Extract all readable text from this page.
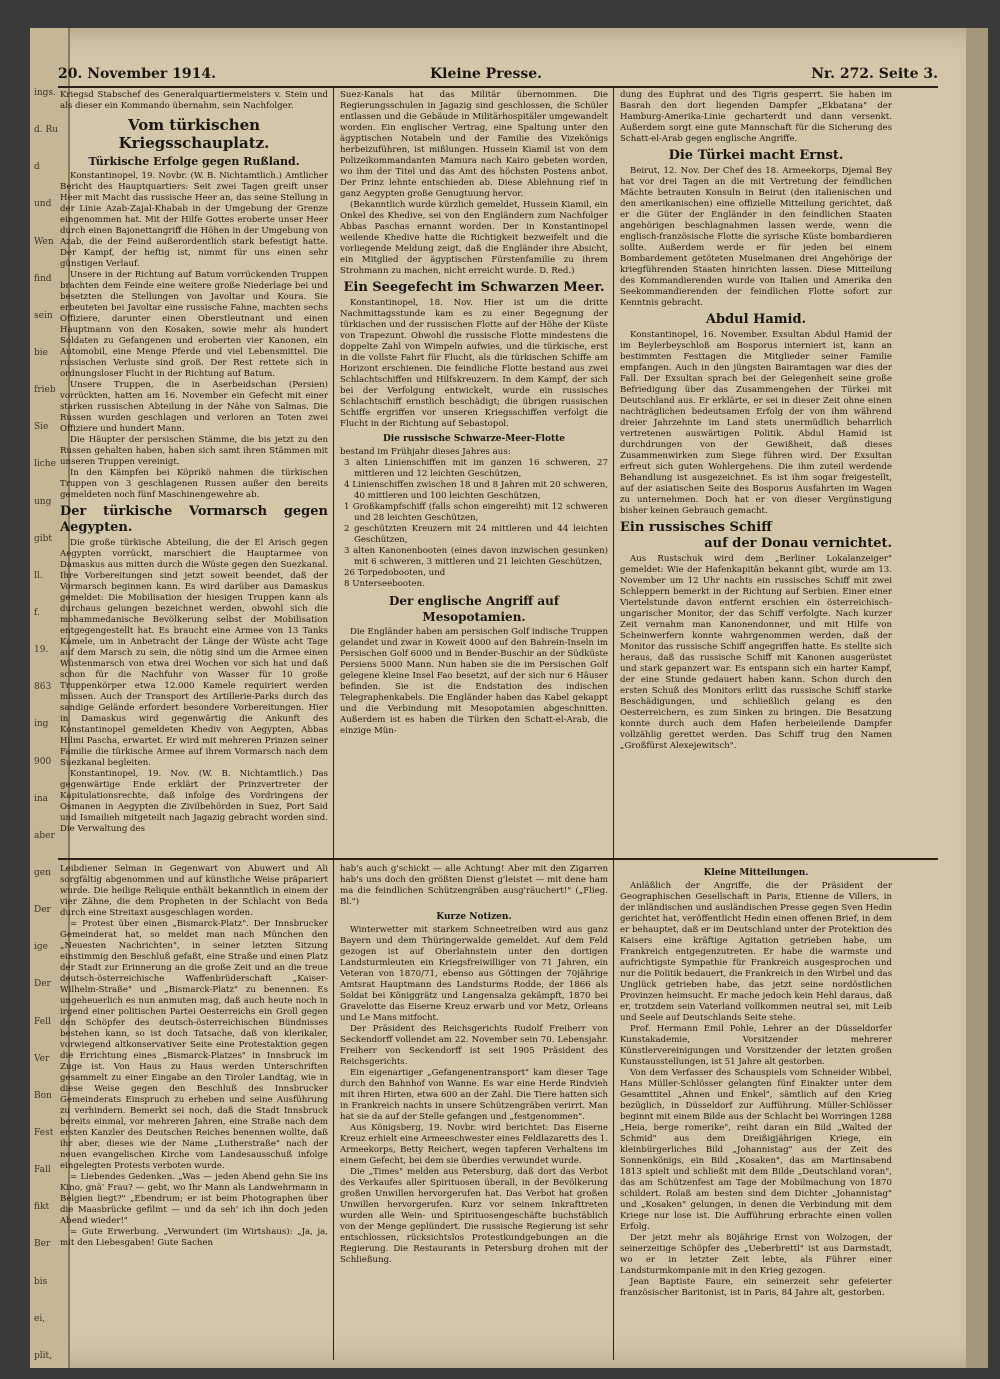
ings.
d. Ru
d
und
Wen
find
sein
bie
frieb
Sie
liche
ung
gibt
ll.
f.
19.
863
ing
900
ina
aber
gen
Der
ige
Der
Fell
Ver
Bon
Fest
Fall
fikt
Ber
bis
ei,
plit,
20. November 1914.	Kleine Presse.	Nr. 272. Seite 3.

Kriegsd Stabschef des Generalquartiermeisters v. Stein und als dieser ein Kommando übernahm, sein Nachfolger.

Vom türkischen Kriegsschauplatz.
Türkische Erfolge gegen Rußland.

Konstantinopel, 19. Novbr. (W. B. Nichtamtlich.) Amtlicher Bericht des Hauptquartiers: Seit zwei Tagen greift unser Heer mit Macht das russische Heer an, das seine Stellung in der Linie Azab-Zajal-Khabab in der Umgebung der Grenze eingenommen hat. Mit der Hilfe Gottes eroberte unser Heer durch einen Bajonettangriff die Höhen in der Umgebung von Azab, die der Feind außerordentlich stark befestigt hatte. Der Kampf, der heftig ist, nimmt für uns einen sehr günstigen Verlauf.

Unsere in der Richtung auf Batum vorrückenden Truppen brachten dem Feinde eine weitere große Niederlage bei und besetzten die Stellungen von Javoltar und Koura. Sie erbeuteten bei Javoltar eine russische Fahne, machten sechs Offiziere, darunter einen Oberstleutnant und einen Hauptmann von den Kosaken, sowie mehr als hundert Soldaten zu Gefangenen und eroberten vier Kanonen, ein Automobil, eine Menge Pferde und viel Lebensmittel. Die russischen Verluste sind groß. Der Rest rettete sich in ordnungsloser Flucht in der Richtung auf Batum.

Unsere Truppen, die in Aserbeidschan (Persien) vorrückten, hatten am 16. November ein Gefecht mit einer starken russischen Abteilung in der Nähe von Salmas. Die Russen wurden geschlagen und verloren an Toten zwei Offiziere und hundert Mann.

Die Häupter der persischen Stämme, die bis jetzt zu den Russen gehalten haben, haben sich samt ihren Stämmen mit unseren Truppen vereinigt.

In den Kämpfen bei Köprikö nahmen die türkischen Truppen von 3 geschlagenen Russen außer den bereits gemeldeten noch fünf Maschinengewehre ab.

Der türkische Vormarsch gegen Aegypten.

Die große türkische Abteilung, die der El Arisch gegen Aegypten vorrückt, marschiert die Hauptarmee von Damaskus aus mitten durch die Wüste gegen den Suezkanal. Ihre Vorbereitungen sind jetzt soweit beendet, daß der Vormarsch beginnen kann. Es wird darüber aus Damaskus gemeldet: Die Mobilisation der hiesigen Truppen kann als durchaus gelungen bezeichnet werden, obwohl sich die mohammedanische Bevölkerung selbst der Mobilisation entgegengestellt hat. Es braucht eine Armee von 13 Tanks Kamele, um in Anbetracht der Länge der Wüste acht Tage auf dem Marsch zu sein, die nötig sind um die Armee einen Wüstenmarsch von etwa drei Wochen vor sich hat und daß schon für die Nachfuhr von Wasser für 10 große Truppenkörper etwa 12.000 Kamele requiriert werden müssen. Auch der Transport des Artillerie-Parks durch das sandige Gelände erfordert besondere Vorbereitungen. Hier in Damaskus wird gegenwärtig die Ankunft des Konstantinopel gemeldeten Khediv von Aegypten, Abbas Hilmi Pascha, erwartet. Er wird mit mehreren Prinzen seiner Familie die türkische Armee auf ihrem Vormarsch nach dem Suezkanal begleiten.

Konstantinopel, 19. Nov. (W. B. Nichtamtlich.) Das gegenwärtige Ende erklärt der Prinzvertreter der Kapitulationsrechte, daß infolge des Vordringens der Osmanen in Aegypten die Zivilbehörden in Suez, Port Said und Ismailieh mitgeteilt nach Jagazig gebracht worden sind. Die Verwaltung des

Suez-Kanals hat das Militär übernommen. Die Regierungsschulen in Jagazig sind geschlossen, die Schüler entlassen und die Gebäude in Militärhospitäler umgewandelt worden. Ein englischer Vertrag, eine Spaltung unter den ägyptischen Notabeln und der Familie des Vizekönigs herbeizuführen, ist mißlungen. Hussein Kiamil ist von dem Polizeikommandanten Mamura nach Kairo gebeten worden, wo ihm der Titel und das Amt des höchsten Postens anbot. Der Prinz lehnte entschieden ab. Diese Ablehnung rief in ganz Aegypten große Genugtuung hervor.

(Bekanntlich wurde kürzlich gemeldet, Hussein Kiamil, ein Onkel des Khedive, sei von den Engländern zum Nachfolger Abbas Paschas ernannt worden. Der in Konstantinopel weilende Khedive hatte die Richtigkeit bezweifelt und die vorliegende Meldung zeigt, daß die Engländer ihre Absicht, ein Mitglied der ägyptischen Fürstenfamilie zu ihrem Strohmann zu machen, nicht erreicht wurde. D. Red.)

Ein Seegefecht im Schwarzen Meer.

Konstantinopel, 18. Nov. Hier ist um die dritte Nachmittagsstunde kam es zu einer Begegnung der türkischen und der russischen Flotte auf der Höhe der Küste von Trapezunt. Obwohl die russische Flotte mindestens die doppelte Zahl von Wimpeln aufwies, und die türkische, erst in die vollste Fahrt für Flucht, als die türkischen Schiffe am Horizont erschienen. Die feindliche Flotte bestand aus zwei Schlachtschiffen und Hilfskreuzern. In dem Kampf, der sich bei der Verfolgung entwickelt, wurde ein russisches Schlachtschiff ernstlich beschädigt; die übrigen russischen Schiffe ergriffen vor unseren Kriegsschiffen verfolgt die Flucht in der Richtung auf Sebastopol.

Die russische Schwarze-Meer-Flotte

bestand im Frühjahr dieses Jahres aus:

3 alten Linienschiffen mit im ganzen 16 schweren, 27 mittleren und 12 leichten Geschützen,
4 Linienschiffen zwischen 18 und 8 Jahren mit 20 schweren, 40 mittleren und 100 leichten Geschützen,
1 Großkampfschiff (falls schon eingereiht) mit 12 schweren und 28 leichten Geschützen,
2 geschützten Kreuzern mit 24 mittleren und 44 leichten Geschützen,
3 alten Kanonenbooten (eines davon inzwischen gesunken) mit 6 schweren, 3 mittleren und 21 leichten Geschützen,
26 Torpedobooten, und
8 Unterseebooten.
Der englische Angriff auf Mesopotamien.

Die Engländer haben am persischen Golf indische Truppen gelandet und zwar in Koweit 4000 auf den Bahrein-Inseln im Persischen Golf 6000 und in Bender-Buschir an der Südküste Persiens 5000 Mann. Nun haben sie die im Persischen Golf gelegene kleine Insel Fao besetzt, auf der sich nur 6 Häuser befinden. Sie ist die Endstation des indischen Telegraphenkabels. Die Engländer haben das Kabel gekappt und die Verbindung mit Mesopotamien abgeschnitten. Außerdem ist es haben die Türken den Schatt-el-Arab, die einzige Mün-

dung des Euphrat und des Tigris gesperrt. Sie haben im Basrah den dort liegenden Dampfer „Ekbatana" der Hamburg-Amerika-Linie gecharterdt und dann versenkt. Außerdem sorgt eine gute Mannschaft für die Sicherung des Schatt-el-Arab gegen englische Angriffe.

Die Türkei macht Ernst.

Beirut, 12. Nov. Der Chef des 18. Armeekorps, Djemal Bey hat vor drei Tagen an die mit Vertretung der feindlichen Mächte betrauten Konsuln in Beirut (den italienischen und den amerikanischen) eine offizielle Mitteilung gerichtet, daß er die Güter der Engländer in den feindlichen Staaten angehörigen beschlagnahmen lassen werde, wenn die englisch-französische Flotte die syrische Küste bombardieren sollte. Außerdem werde er für jeden bei einem Bombardement getöteten Muselmanen drei Angehörige der kriegführenden Staaten hinrichten lassen. Diese Mitteilung des Kommandierenden wurde von Italien und Amerika den Seekommandierenden der feindlichen Flotte sofort zur Kenntnis gebracht.

Abdul Hamid.

Konstantinopel, 16. November. Exsultan Abdul Hamid der im Beylerbeyschloß am Bosporus interniert ist, kann an bestimmten Festtagen die Mitglieder seiner Familie empfangen. Auch in den jüngsten Bairamtagen war dies der Fall. Der Exsultan sprach bei der Gelegenheit seine große Befriedigung über das Zusammengehen der Türkei mit Deutschland aus. Er erklärte, er sei in dieser Zeit ohne einen nachträglichen bedeutsamen Erfolg der von ihm während dreier Jahrzehnte im Land stets unermüdlich beharrlich vertretenen auswärtigen Politik. Abdul Hamid ist durchdrungen von der Gewißheit, daß dieses Zusammenwirken zum Siege führen wird. Der Exsultan erfreut sich guten Wohlergehens. Die ihm zuteil werdende Behandlung ist ausgezeichnet. Es ist ihm sogar freigestellt, auf der asiatischen Seite des Bosporus Ausfahrten im Wagen zu unternehmen. Doch hat er von dieser Vergünstigung bisher keinen Gebrauch gemacht.

Ein russisches Schiff
auf der Donau vernichtet.

Aus Rustschuk wird dem „Berliner Lokalanzeiger" gemeldet: Wie der Hafenkapitän bekannt gibt, wurde am 13. November um 12 Uhr nachts ein russisches Schiff mit zwei Schleppern bemerkt in der Richtung auf Serbien. Einer einer Viertelstunde davon entfernt erschien ein österreichisch-ungarischer Monitor, der das Schiff verfolgte. Nach kurzer Zeit vernahm man Kanonendonner, und mit Hilfe von Scheinwerfern konnte wahrgenommen werden, daß der Monitor das russische Schiff angegriffen hatte. Es stellte sich heraus, daß das russische Schiff mit Kanonen ausgerüstet und stark gepanzert war. Es entspann sich ein harter Kampf, der eine Stunde gedauert haben kann. Schon durch den ersten Schuß des Monitors erlitt das russische Schiff starke Beschädigungen, und schließlich gelang es den Oesterreichern, es zum Sinken zu bringen. Die Besatzung konnte durch auch dem Hafen herbeieilende Dampfer vollzählig gerettet werden. Das Schiff trug den Namen „Großfürst Alexejewitsch".

Leibdiener Selman in Gegenwart von Abuwert und Ali sorgfältig abgenommen und auf künstliche Weise präpariert wurde. Die heilige Reliquie enthält bekanntlich in einem der vier Zähne, die dem Propheten in der Schlacht von Beda durch eine Streitaxt ausgeschlagen worden.

= Protest über einen „Bismarck-Platz". Der Innsbrucker Gemeinderat hat, so meldet man nach München den „Neuesten Nachrichten", in seiner letzten Sitzung einstimmig den Beschluß gefaßt, eine Straße und einen Platz der Stadt zur Erinnerung an die große Zeit und an die treue deutsch-österreichische Waffenbrüderschaft „Kaiser-Wilhelm-Straße" und „Bismarck-Platz" zu benennen. Es ungeheuerlich es nun anmuten mag, daß auch heute noch in irgend einer politischen Partei Oesterreichs ein Groll gegen den Schöpfer des deutsch-österreichischen Bündnisses bestehen kann, so ist doch Tatsache, daß von klerikaler, vorwiegend altkonservativer Seite eine Protestaktion gegen die Errichtung eines „Bismarck-Platzes" in Innsbruck im Zuge ist. Von Haus zu Haus werden Unterschriften gesammelt zu einer Eingabe an den Tiroler Landtag, wie in diese Weise gegen den Beschluß des Innsbrucker Gemeinderats Einspruch zu erheben und seine Ausführung zu verhindern. Bemerkt sei noch, daß die Stadt Innsbruck bereits einmal, vor mehreren Jahren, eine Straße nach dem ersten Kanzler des Deutschen Reiches benennen wollte, daß ihr aber, dieses wie der Name „Lutherstraße" nach der neuen evangelischen Kirche vom Landesausschuß infolge eingelegten Protests verboten wurde.

= Liebendes Gedenken. „Was — jeden Abend gehn Sie ins Kino, gnä' Frau? — gebt, wo Ihr Mann als Landwehrmann in Belgien liegt?" „Ebendrum; er ist beim Photographen über die Maasbrücke gefilmt — und da seh' ich ihn doch jeden Abend wieder!"

= Gute Erwerbung. „Verwundert (im Wirtshaus): „Ja, ja, mit den Liebesgaben! Gute Sachen

hab's auch g'schickt — alle Achtung! Aber mit den Zigarren hab's uns doch den größten Dienst g'leistet — mit dene ham ma die feindlichen Schützengräben ausg'räuchert!" („Flieg. Bl.")

Kurze Notizen.

Winterwetter mit starkem Schneetreiben wird aus ganz Bayern und dem Thüringerwalde gemeldet. Auf dem Feld gezogen ist auf Oberlahnstein unter den dortigen Landsturmleuten ein Kriegsfreiwilliger von 71 Jahren, ein Veteran von 1870/71, ebenso aus Göttingen der 70jährige Amtsrat Hauptmann des Landsturms Rodde, der 1866 als Soldat bei Königgrätz und Langensalza gekämpft, 1870 bei Gravelotte das Eiserne Kreuz erwarb und vor Metz, Orleans und Le Mans mitfocht.

Der Präsident des Reichsgerichts Rudolf Freiherr von Seckendorff vollendet am 22. November sein 70. Lebensjahr. Freiherr von Seckendorff ist seit 1905 Präsident des Reichsgerichts.

Ein eigenartiger „Gefangenentransport" kam dieser Tage durch den Bahnhof von Wanne. Es war eine Herde Rindvieh mit ihren Hirten, etwa 600 an der Zahl. Die Tiere hatten sich in Frankreich nachts in unsere Schützengräben verirrt. Man hat sie da auf der Stelle gefangen und „festgenommen".

Aus Königsberg, 19. Novbr. wird berichtet: Das Eiserne Kreuz erhielt eine Armeeschwester eines Feldlazaretts des 1. Armeekorps, Betty Reichert, wegen tapferen Verhaltens im einem Gefecht, bei dem sie überdies verwundet wurde.

Die „Times" melden aus Petersburg, daß dort das Verbot des Verkaufes aller Spirituosen überall, in der Bevölkerung großen Unwillen hervorgerufen hat. Das Verbot hat großen Unwillen hervorgerufen. Kurz vor seinem Inkrafttreten wurden alle Wein- und Spirituosengeschäfte buchstäblich von der Menge geplündert. Die russische Regierung ist sehr entschlossen, rücksichtslos Protestkundgebungen an die Regierung. Die Restaurants in Petersburg drohen mit der Schließung.

Kleine Mitteilungen.

Anläßlich der Angriffe, die der Präsident der Geographischen Gesellschaft in Paris, Etienne de Villers, in der inländischen und ausländischen Presse gegen Sven Hedin gerichtet hat, veröffentlicht Hedin einen offenen Brief, in dem er behauptet, daß er im Deutschland unter der Protektion des Kaisers eine kräftige Agitation getrieben habe, um Frankreich entgegenzutreten. Er habe die warmste und aufrichtigste Sympathie für Frankreich ausgesprochen und nur die Politik bedauert, die Frankreich in den Wirbel und das Unglück getrieben habe, das jetzt seine nordöstlichen Provinzen heimsucht. Er mache jedoch kein Hehl daraus, daß er, trotzdem sein Vaterland vollkommen neutral sei, mit Leib und Seele auf Deutschlands Seite stehe.

Prof. Hermann Emil Pohle, Lehrer an der Düsseldorfer Kunstakademie, Vorsitzender mehrerer Künstlervereinigungen und Vorsitzender der letzten großen Kunstausstellungen, ist 51 Jahre alt gestorben.

Von dem Verfasser des Schauspiels vom Schneider Wibbel, Hans Müller-Schlösser gelangten fünf Einakter unter dem Gesamttitel „Ahnen und Enkel", sämtlich auf den Krieg bezüglich, in Düsseldorf zur Aufführung. Müller-Schlösser beginnt mit einem Bilde aus der Schlacht bei Worringen 1288 „Heia, berge romerike", reiht daran ein Bild „Walted der Schmid" aus dem Dreißigjährigen Kriege, ein kleinbürgerliches Bild „Johannistag" aus der Zeit des Sonnenkönigs, ein Bild „Kosaken", das am Martinsabend 1813 spielt und schließt mit dem Bilde „Deutschland voran", das am Schützenfest am Tage der Mobilmachung von 1870 schildert. Rolaß am besten sind dem Dichter „Johannistag" und „Kosaken" gelungen, in denen die Verbindung mit dem Kriege nur lose ist. Die Aufführung erbrachte einen vollen Erfolg.

Der jetzt mehr als 80jährige Ernst von Wolzogen, der seinerzeitige Schöpfer des „Ueberbrettl" ist aus Darmstadt, wo er in letzter Zeit lebte, als Führer einer Landsturmkompanie mit in den Krieg gezogen.

Jean Baptiste Faure, ein seinerzeit sehr gefeierter französischer Baritonist, ist in Paris, 84 Jahre alt, gestorben.
